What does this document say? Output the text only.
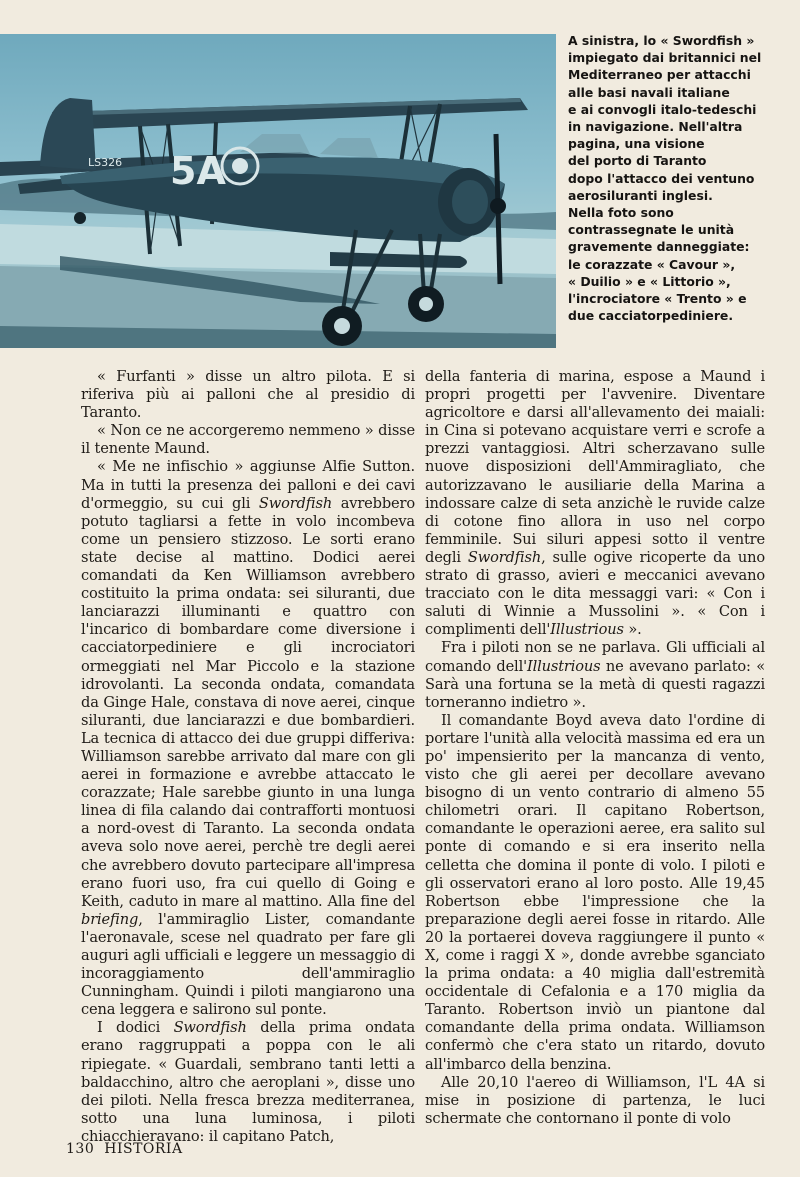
5A
LS326

A sinistra, lo « Swordfish »
impiegato dai britannici nel
Mediterraneo per attacchi
alle basi navali italiane
e ai convogli italo-tedeschi
in navigazione. Nell'altra
pagina, una visione
del porto di Taranto
dopo l'attacco dei ventuno
aerosiluranti inglesi.
Nella foto sono
contrassegnate le unità
gravemente danneggiate:
le corazzate « Cavour »,
« Duilio » e « Littorio »,
l'incrociatore « Trento » e
due cacciatorpediniere.

« Furfanti » disse un altro pilota. E si riferiva più ai palloni che al presidio di Taranto.

« Non ce ne accorgeremo nemmeno » disse il tenente Maund.

« Me ne infischio » aggiunse Alfie Sutton. Ma in tutti la presenza dei palloni e dei cavi d'ormeggio, su cui gli Swordfish avrebbero potuto tagliarsi a fette in volo incombeva come un pensiero stizzoso. Le sorti erano state decise al mattino. Dodici aerei comandati da Ken Williamson avrebbero costituito la prima ondata: sei siluranti, due lanciarazzi illuminanti e quattro con l'incarico di bombardare come diversione i cacciatorpediniere e gli incrociatori ormeggiati nel Mar Piccolo e la stazione idrovolanti. La seconda ondata, comandata da Ginge Hale, constava di nove aerei, cinque siluranti, due lanciarazzi e due bombardieri. La tecnica di attacco dei due gruppi differiva: Williamson sarebbe arrivato dal mare con gli aerei in formazione e avrebbe attaccato le corazzate; Hale sarebbe giunto in una lunga linea di fila calando dai contrafforti montuosi a nord-ovest di Taranto. La seconda ondata aveva solo nove aerei, perchè tre degli aerei che avrebbero dovuto partecipare all'impresa erano fuori uso, fra cui quello di Going e Keith, caduto in mare al mattino. Alla fine del briefing, l'ammiraglio Lister, comandante l'aeronavale, scese nel quadrato per fare gli auguri agli ufficiali e leggere un messaggio di incoraggiamento dell'ammiraglio Cunningham. Quindi i piloti mangiarono una cena leggera e salirono sul ponte.

I dodici Swordfish della prima ondata erano raggruppati a poppa con le ali ripiegate. « Guardali, sembrano tanti letti a baldacchino, altro che aeroplani », disse uno dei piloti. Nella fresca brezza mediterranea, sotto una luna luminosa, i piloti chiacchieravano: il capitano Patch,

della fanteria di marina, espose a Maund i propri progetti per l'avvenire. Diventare agricoltore e darsi all'allevamento dei maiali: in Cina si potevano acquistare verri e scrofe a prezzi vantaggiosi. Altri scherzavano sulle nuove disposizioni dell'Ammiragliato, che autorizzavano le ausiliarie della Marina a indossare calze di seta anzichè le ruvide calze di cotone fino allora in uso nel corpo femminile. Sui siluri appesi sotto il ventre degli Swordfish, sulle ogive ricoperte da uno strato di grasso, avieri e meccanici avevano tracciato con le dita messaggi vari: « Con i saluti di Winnie a Mussolini ». « Con i complimenti dell'Illustrious ».

Fra i piloti non se ne parlava. Gli ufficiali al comando dell'Illustrious ne avevano parlato: « Sarà una fortuna se la metà di questi ragazzi torneranno indietro ».

Il comandante Boyd aveva dato l'ordine di portare l'unità alla velocità massima ed era un po' impensierito per la mancanza di vento, visto che gli aerei per decollare avevano bisogno di un vento contrario di almeno 55 chilometri orari. Il capitano Robertson, comandante le operazioni aeree, era salito sul ponte di comando e si era inserito nella celletta che domina il ponte di volo. I piloti e gli osservatori erano al loro posto. Alle 19,45 Robertson ebbe l'impressione che la preparazione degli aerei fosse in ritardo. Alle 20 la portaerei doveva raggiungere il punto « X, come i raggi X », donde avrebbe sganciato la prima ondata: a 40 miglia dall'estremità occidentale di Cefalonia e a 170 miglia da Taranto. Robertson inviò un piantone dal comandante della prima ondata. Williamson confermò che c'era stato un ritardo, dovuto all'imbarco della benzina.

Alle 20,10 l'aereo di Williamson, l'L 4A si mise in posizione di partenza, le luci schermate che contornano il ponte di volo

130 HISTORIA
